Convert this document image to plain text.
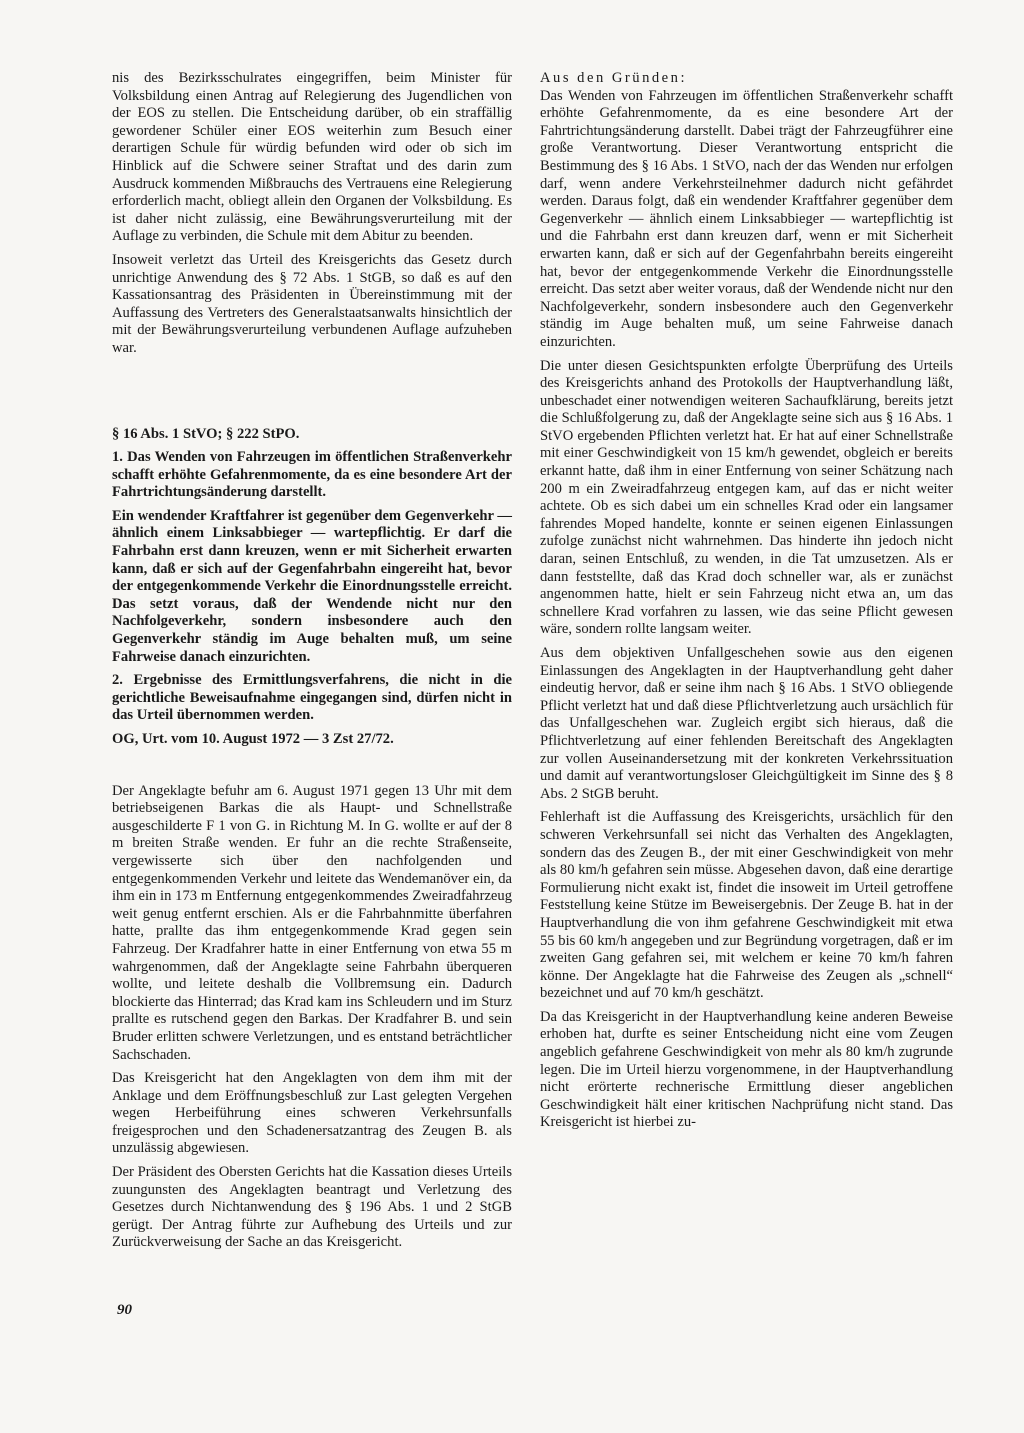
nis des Bezirksschulrates eingegriffen, beim Minister für Volksbildung einen Antrag auf Relegierung des Jugendlichen von der EOS zu stellen. Die Entscheidung darüber, ob ein straffällig gewordener Schüler einer EOS weiterhin zum Besuch einer derartigen Schule für würdig befunden wird oder ob sich im Hinblick auf die Schwere seiner Straftat und des darin zum Ausdruck kommenden Mißbrauchs des Vertrauens eine Relegierung erforderlich macht, obliegt allein den Organen der Volksbildung. Es ist daher nicht zulässig, eine Bewährungsverurteilung mit der Auflage zu verbinden, die Schule mit dem Abitur zu beenden.

Insoweit verletzt das Urteil des Kreisgerichts das Gesetz durch unrichtige Anwendung des § 72 Abs. 1 StGB, so daß es auf den Kassationsantrag des Präsidenten in Übereinstimmung mit der Auffassung des Vertreters des Generalstaatsanwalts hinsichtlich der mit der Bewährungsverurteilung verbundenen Auflage aufzuheben war.

§ 16 Abs. 1 StVO; § 222 StPO.

1. Das Wenden von Fahrzeugen im öffentlichen Straßenverkehr schafft erhöhte Gefahrenmomente, da es eine besondere Art der Fahrtrichtungsänderung darstellt.

Ein wendender Kraftfahrer ist gegenüber dem Gegenverkehr — ähnlich einem Linksabbieger — wartepflichtig. Er darf die Fahrbahn erst dann kreuzen, wenn er mit Sicherheit erwarten kann, daß er sich auf der Gegenfahrbahn eingereiht hat, bevor der entgegenkommende Verkehr die Einordnungsstelle erreicht. Das setzt voraus, daß der Wendende nicht nur den Nachfolgeverkehr, sondern insbesondere auch den Gegenverkehr ständig im Auge behalten muß, um seine Fahrweise danach einzurichten.

2. Ergebnisse des Ermittlungsverfahrens, die nicht in die gerichtliche Beweisaufnahme eingegangen sind, dürfen nicht in das Urteil übernommen werden.

OG, Urt. vom 10. August 1972 — 3 Zst 27/72.

Der Angeklagte befuhr am 6. August 1971 gegen 13 Uhr mit dem betriebseigenen Barkas die als Haupt- und Schnellstraße ausgeschilderte F 1 von G. in Richtung M. In G. wollte er auf der 8 m breiten Straße wenden. Er fuhr an die rechte Straßenseite, vergewisserte sich über den nachfolgenden und entgegenkommenden Verkehr und leitete das Wendemanöver ein, da ihm ein in 173 m Entfernung entgegenkommendes Zweiradfahrzeug weit genug entfernt erschien. Als er die Fahrbahnmitte überfahren hatte, prallte das ihm entgegenkommende Krad gegen sein Fahrzeug. Der Kradfahrer hatte in einer Entfernung von etwa 55 m wahrgenommen, daß der Angeklagte seine Fahrbahn überqueren wollte, und leitete deshalb die Vollbremsung ein. Dadurch blockierte das Hinterrad; das Krad kam ins Schleudern und im Sturz prallte es rutschend gegen den Barkas. Der Kradfahrer B. und sein Bruder erlitten schwere Verletzungen, und es entstand beträchtlicher Sachschaden.

Das Kreisgericht hat den Angeklagten von dem ihm mit der Anklage und dem Eröffnungsbeschluß zur Last gelegten Vergehen wegen Herbeiführung eines schweren Verkehrsunfalls freigesprochen und den Schadenersatzantrag des Zeugen B. als unzulässig abgewiesen.

Der Präsident des Obersten Gerichts hat die Kassation dieses Urteils zuungunsten des Angeklagten beantragt und Verletzung des Gesetzes durch Nichtanwendung des § 196 Abs. 1 und 2 StGB gerügt. Der Antrag führte zur Aufhebung des Urteils und zur Zurückverweisung der Sache an das Kreisgericht.

Aus den Gründen:

Das Wenden von Fahrzeugen im öffentlichen Straßenverkehr schafft erhöhte Gefahrenmomente, da es eine besondere Art der Fahrtrichtungsänderung darstellt. Dabei trägt der Fahrzeugführer eine große Verantwortung. Dieser Verantwortung entspricht die Bestimmung des § 16 Abs. 1 StVO, nach der das Wenden nur erfolgen darf, wenn andere Verkehrsteilnehmer dadurch nicht gefährdet werden. Daraus folgt, daß ein wendender Kraftfahrer gegenüber dem Gegenverkehr — ähnlich einem Linksabbieger — wartepflichtig ist und die Fahrbahn erst dann kreuzen darf, wenn er mit Sicherheit erwarten kann, daß er sich auf der Gegenfahrbahn bereits eingereiht hat, bevor der entgegenkommende Verkehr die Einordnungsstelle erreicht. Das setzt aber weiter voraus, daß der Wendende nicht nur den Nachfolgeverkehr, sondern insbesondere auch den Gegenverkehr ständig im Auge behalten muß, um seine Fahrweise danach einzurichten.

Die unter diesen Gesichtspunkten erfolgte Überprüfung des Urteils des Kreisgerichts anhand des Protokolls der Hauptverhandlung läßt, unbeschadet einer notwendigen weiteren Sachaufklärung, bereits jetzt die Schlußfolgerung zu, daß der Angeklagte seine sich aus § 16 Abs. 1 StVO ergebenden Pflichten verletzt hat. Er hat auf einer Schnellstraße mit einer Geschwindigkeit von 15 km/h gewendet, obgleich er bereits erkannt hatte, daß ihm in einer Entfernung von seiner Schätzung nach 200 m ein Zweiradfahrzeug entgegen kam, auf das er nicht weiter achtete. Ob es sich dabei um ein schnelles Krad oder ein langsamer fahrendes Moped handelte, konnte er seinen eigenen Einlassungen zufolge zunächst nicht wahrnehmen. Das hinderte ihn jedoch nicht daran, seinen Entschluß, zu wenden, in die Tat umzusetzen. Als er dann feststellte, daß das Krad doch schneller war, als er zunächst angenommen hatte, hielt er sein Fahrzeug nicht etwa an, um das schnellere Krad vorfahren zu lassen, wie das seine Pflicht gewesen wäre, sondern rollte langsam weiter.

Aus dem objektiven Unfallgeschehen sowie aus den eigenen Einlassungen des Angeklagten in der Hauptverhandlung geht daher eindeutig hervor, daß er seine ihm nach § 16 Abs. 1 StVO obliegende Pflicht verletzt hat und daß diese Pflichtverletzung auch ursächlich für das Unfallgeschehen war. Zugleich ergibt sich hieraus, daß die Pflichtverletzung auf einer fehlenden Bereitschaft des Angeklagten zur vollen Auseinandersetzung mit der konkreten Verkehrssituation und damit auf verantwortungsloser Gleichgültigkeit im Sinne des § 8 Abs. 2 StGB beruht.

Fehlerhaft ist die Auffassung des Kreisgerichts, ursächlich für den schweren Verkehrsunfall sei nicht das Verhalten des Angeklagten, sondern das des Zeugen B., der mit einer Geschwindigkeit von mehr als 80 km/h gefahren sein müsse. Abgesehen davon, daß eine derartige Formulierung nicht exakt ist, findet die insoweit im Urteil getroffene Feststellung keine Stütze im Beweisergebnis. Der Zeuge B. hat in der Hauptverhandlung die von ihm gefahrene Geschwindigkeit mit etwa 55 bis 60 km/h angegeben und zur Begründung vorgetragen, daß er im zweiten Gang gefahren sei, mit welchem er keine 70 km/h fahren könne. Der Angeklagte hat die Fahrweise des Zeugen als „schnell“ bezeichnet und auf 70 km/h geschätzt.

Da das Kreisgericht in der Hauptverhandlung keine anderen Beweise erhoben hat, durfte es seiner Entscheidung nicht eine vom Zeugen angeblich gefahrene Geschwindigkeit von mehr als 80 km/h zugrunde legen. Die im Urteil hierzu vorgenommene, in der Hauptverhandlung nicht erörterte rechnerische Ermittlung dieser angeblichen Geschwindigkeit hält einer kritischen Nachprüfung nicht stand. Das Kreisgericht ist hierbei zu-

90
